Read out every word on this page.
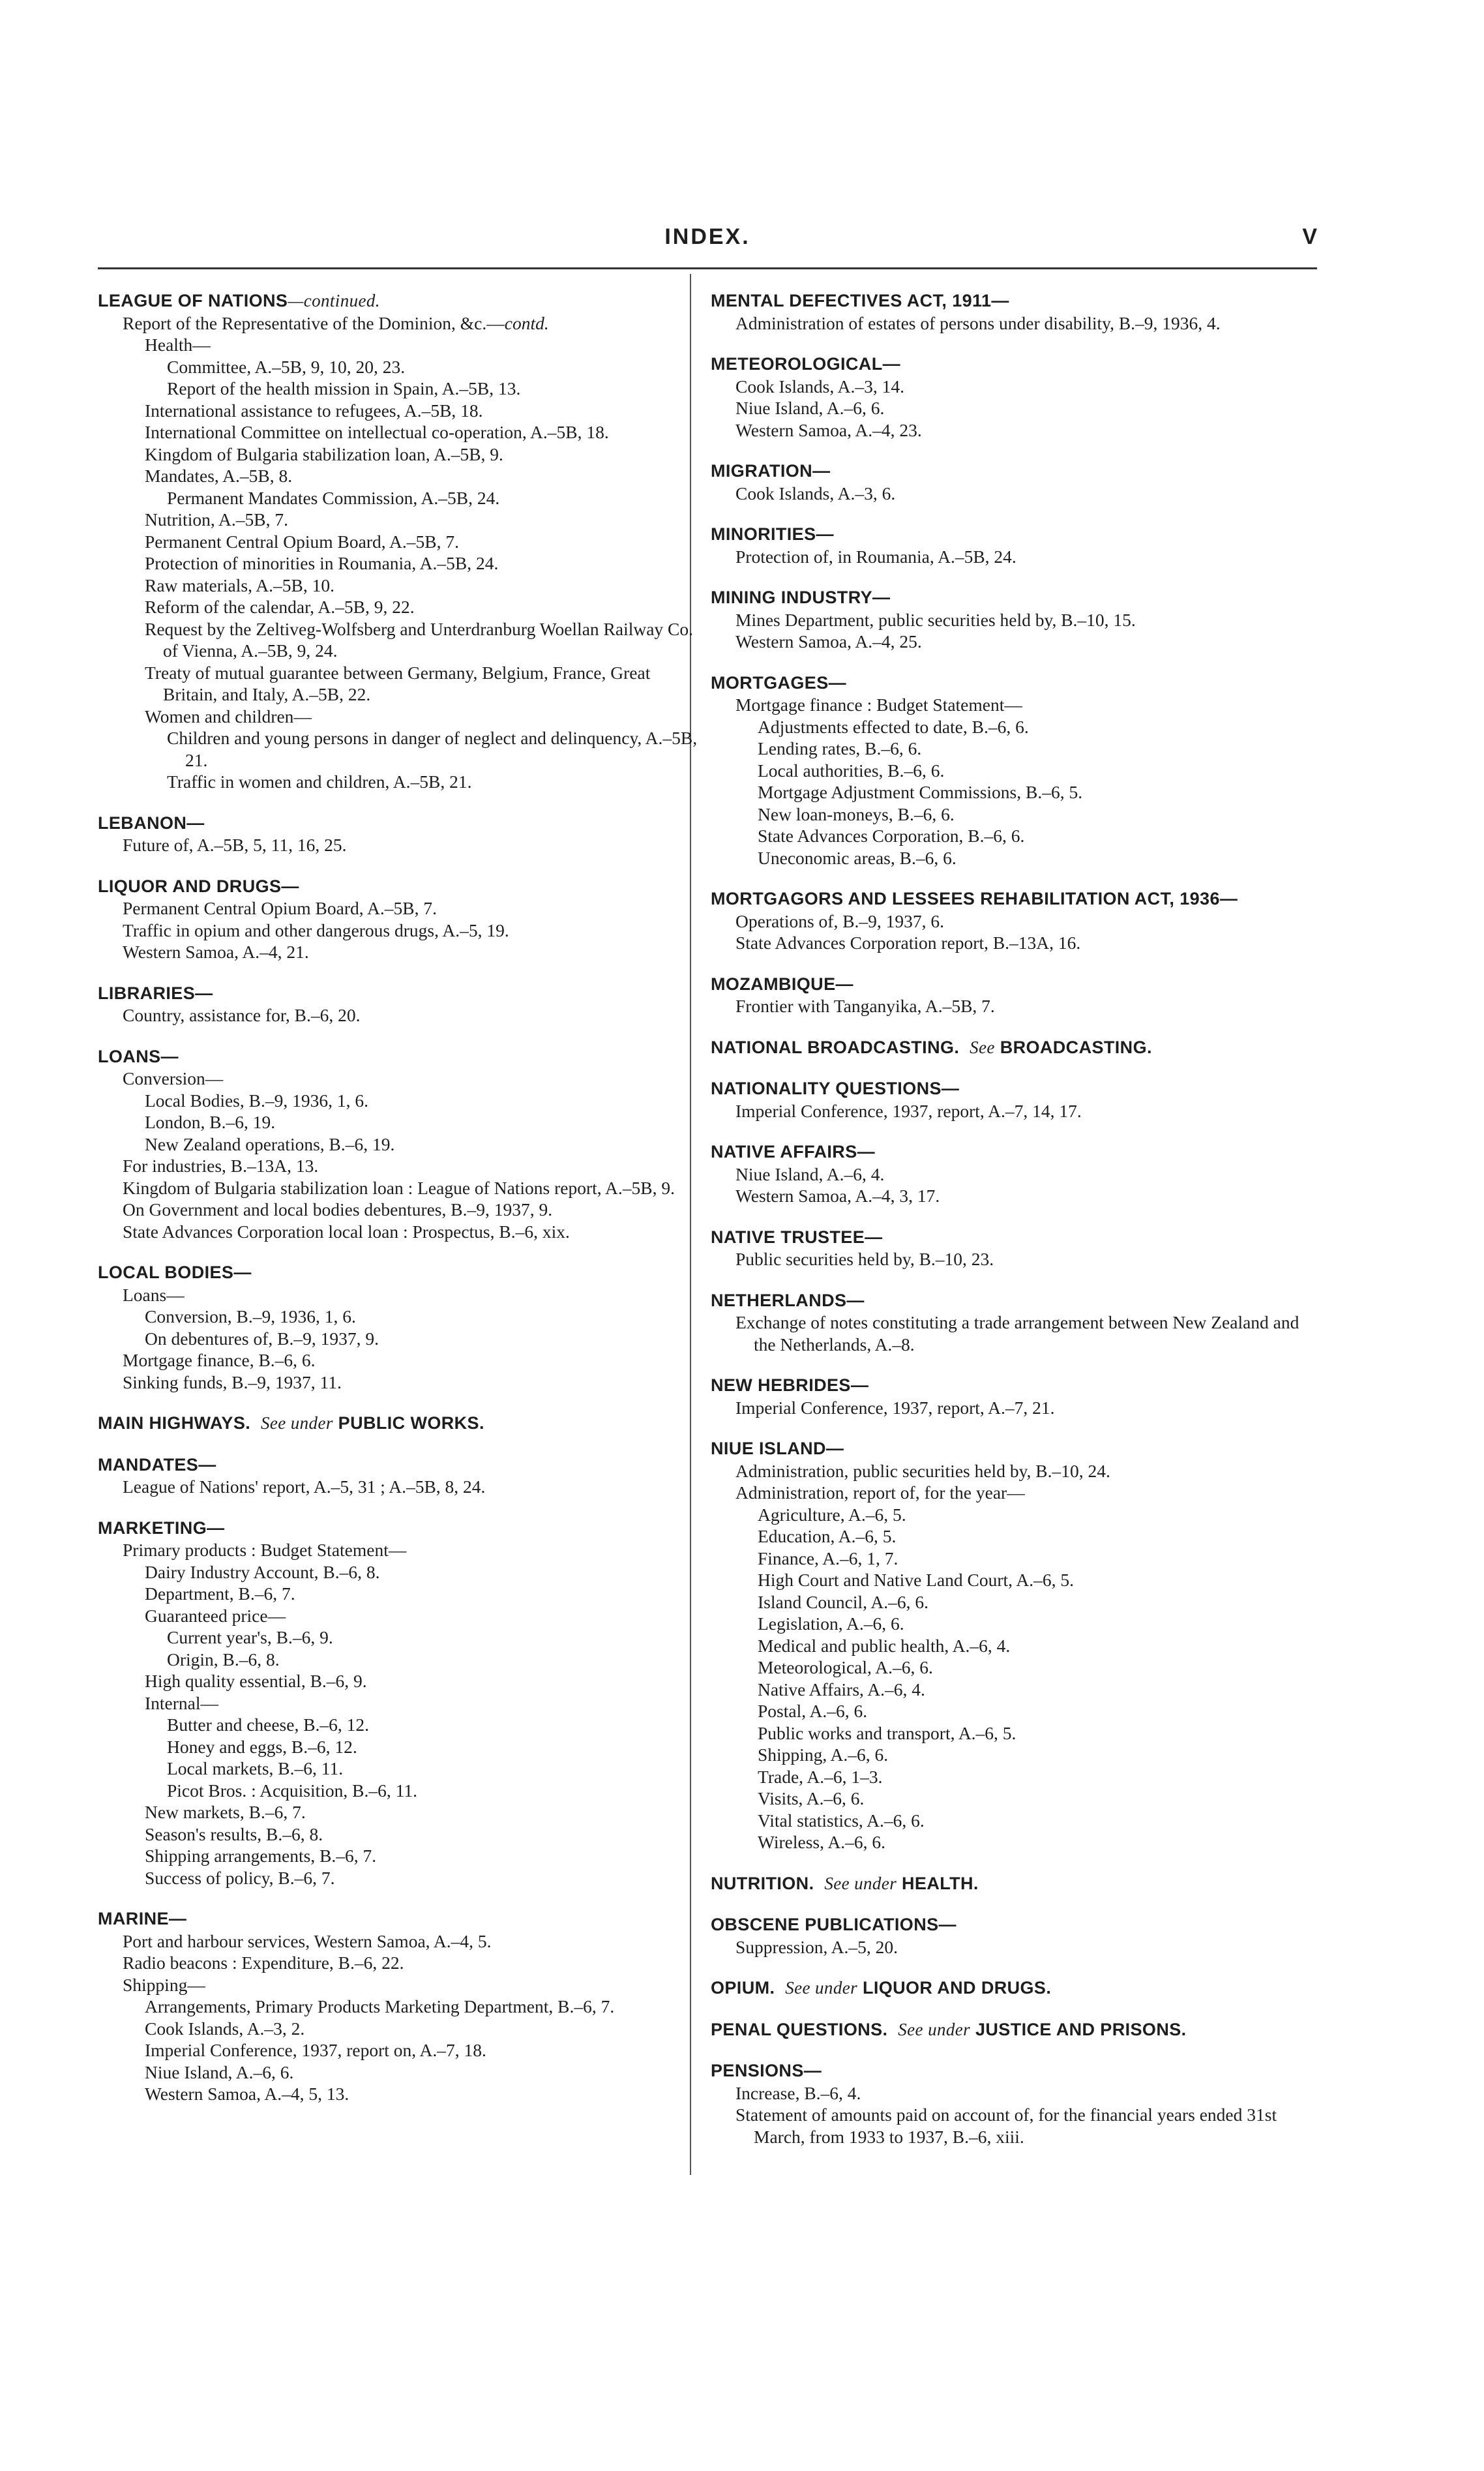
INDEX.	V
LEAGUE OF NATIONS—continued.
Report of the Representative of the Dominion, &c.—contd.
Health—
Committee, A.–5B, 9, 10, 20, 23.
Report of the health mission in Spain, A.–5B, 13.
International assistance to refugees, A.–5B, 18.
International Committee on intellectual co-operation, A.–5B, 18.
Kingdom of Bulgaria stabilization loan, A.–5B, 9.
Mandates, A.–5B, 8.
Permanent Mandates Commission, A.–5B, 24.
Nutrition, A.–5B, 7.
Permanent Central Opium Board, A.–5B, 7.
Protection of minorities in Roumania, A.–5B, 24.
Raw materials, A.–5B, 10.
Reform of the calendar, A.–5B, 9, 22.
Request by the Zeltiveg-Wolfsberg and Unterdranburg Woellan Railway Co. of Vienna, A.–5B, 9, 24.
Treaty of mutual guarantee between Germany, Belgium, France, Great Britain, and Italy, A.–5B, 22.
Women and children—
Children and young persons in danger of neglect and delinquency, A.–5B, 21.
Traffic in women and children, A.–5B, 21.
LEBANON—
Future of, A.–5B, 5, 11, 16, 25.
LIQUOR AND DRUGS—
Permanent Central Opium Board, A.–5B, 7.
Traffic in opium and other dangerous drugs, A.–5, 19.
Western Samoa, A.–4, 21.
LIBRARIES—
Country, assistance for, B.–6, 20.
LOANS—
Conversion—
Local Bodies, B.–9, 1936, 1, 6.
London, B.–6, 19.
New Zealand operations, B.–6, 19.
For industries, B.–13A, 13.
Kingdom of Bulgaria stabilization loan : League of Nations report, A.–5B, 9.
On Government and local bodies debentures, B.–9, 1937, 9.
State Advances Corporation local loan : Prospectus, B.–6, xix.
LOCAL BODIES—
Loans—
Conversion, B.–9, 1936, 1, 6.
On debentures of, B.–9, 1937, 9.
Mortgage finance, B.–6, 6.
Sinking funds, B.–9, 1937, 11.
MAIN HIGHWAYS. See under PUBLIC WORKS.
MANDATES—
League of Nations' report, A.–5, 31 ; A.–5B, 8, 24.
MARKETING—
Primary products : Budget Statement—
Dairy Industry Account, B.–6, 8.
Department, B.–6, 7.
Guaranteed price—
Current year's, B.–6, 9.
Origin, B.–6, 8.
High quality essential, B.–6, 9.
Internal—
Butter and cheese, B.–6, 12.
Honey and eggs, B.–6, 12.
Local markets, B.–6, 11.
Picot Bros. : Acquisition, B.–6, 11.
New markets, B.–6, 7.
Season's results, B.–6, 8.
Shipping arrangements, B.–6, 7.
Success of policy, B.–6, 7.
MARINE—
Port and harbour services, Western Samoa, A.–4, 5.
Radio beacons : Expenditure, B.–6, 22.
Shipping—
Arrangements, Primary Products Marketing Department, B.–6, 7.
Cook Islands, A.–3, 2.
Imperial Conference, 1937, report on, A.–7, 18.
Niue Island, A.–6, 6.
Western Samoa, A.–4, 5, 13.
MENTAL DEFECTIVES ACT, 1911—
Administration of estates of persons under disability, B.–9, 1936, 4.
METEOROLOGICAL—
Cook Islands, A.–3, 14.
Niue Island, A.–6, 6.
Western Samoa, A.–4, 23.
MIGRATION—
Cook Islands, A.–3, 6.
MINORITIES—
Protection of, in Roumania, A.–5B, 24.
MINING INDUSTRY—
Mines Department, public securities held by, B.–10, 15.
Western Samoa, A.–4, 25.
MORTGAGES—
Mortgage finance : Budget Statement—
Adjustments effected to date, B.–6, 6.
Lending rates, B.–6, 6.
Local authorities, B.–6, 6.
Mortgage Adjustment Commissions, B.–6, 5.
New loan-moneys, B.–6, 6.
State Advances Corporation, B.–6, 6.
Uneconomic areas, B.–6, 6.
MORTGAGORS AND LESSEES REHABILITATION ACT, 1936—
Operations of, B.–9, 1937, 6.
State Advances Corporation report, B.–13A, 16.
MOZAMBIQUE—
Frontier with Tanganyika, A.–5B, 7.
NATIONAL BROADCASTING. See BROADCASTING.
NATIONALITY QUESTIONS—
Imperial Conference, 1937, report, A.–7, 14, 17.
NATIVE AFFAIRS—
Niue Island, A.–6, 4.
Western Samoa, A.–4, 3, 17.
NATIVE TRUSTEE—
Public securities held by, B.–10, 23.
NETHERLANDS—
Exchange of notes constituting a trade arrangement between New Zealand and the Netherlands, A.–8.
NEW HEBRIDES—
Imperial Conference, 1937, report, A.–7, 21.
NIUE ISLAND—
Administration, public securities held by, B.–10, 24.
Administration, report of, for the year—
Agriculture, A.–6, 5.
Education, A.–6, 5.
Finance, A.–6, 1, 7.
High Court and Native Land Court, A.–6, 5.
Island Council, A.–6, 6.
Legislation, A.–6, 6.
Medical and public health, A.–6, 4.
Meteorological, A.–6, 6.
Native Affairs, A.–6, 4.
Postal, A.–6, 6.
Public works and transport, A.–6, 5.
Shipping, A.–6, 6.
Trade, A.–6, 1–3.
Visits, A.–6, 6.
Vital statistics, A.–6, 6.
Wireless, A.–6, 6.
NUTRITION. See under HEALTH.
OBSCENE PUBLICATIONS—
Suppression, A.–5, 20.
OPIUM. See under LIQUOR AND DRUGS.
PENAL QUESTIONS. See under JUSTICE AND PRISONS.
PENSIONS—
Increase, B.–6, 4.
Statement of amounts paid on account of, for the financial years ended 31st March, from 1933 to 1937, B.–6, xiii.
